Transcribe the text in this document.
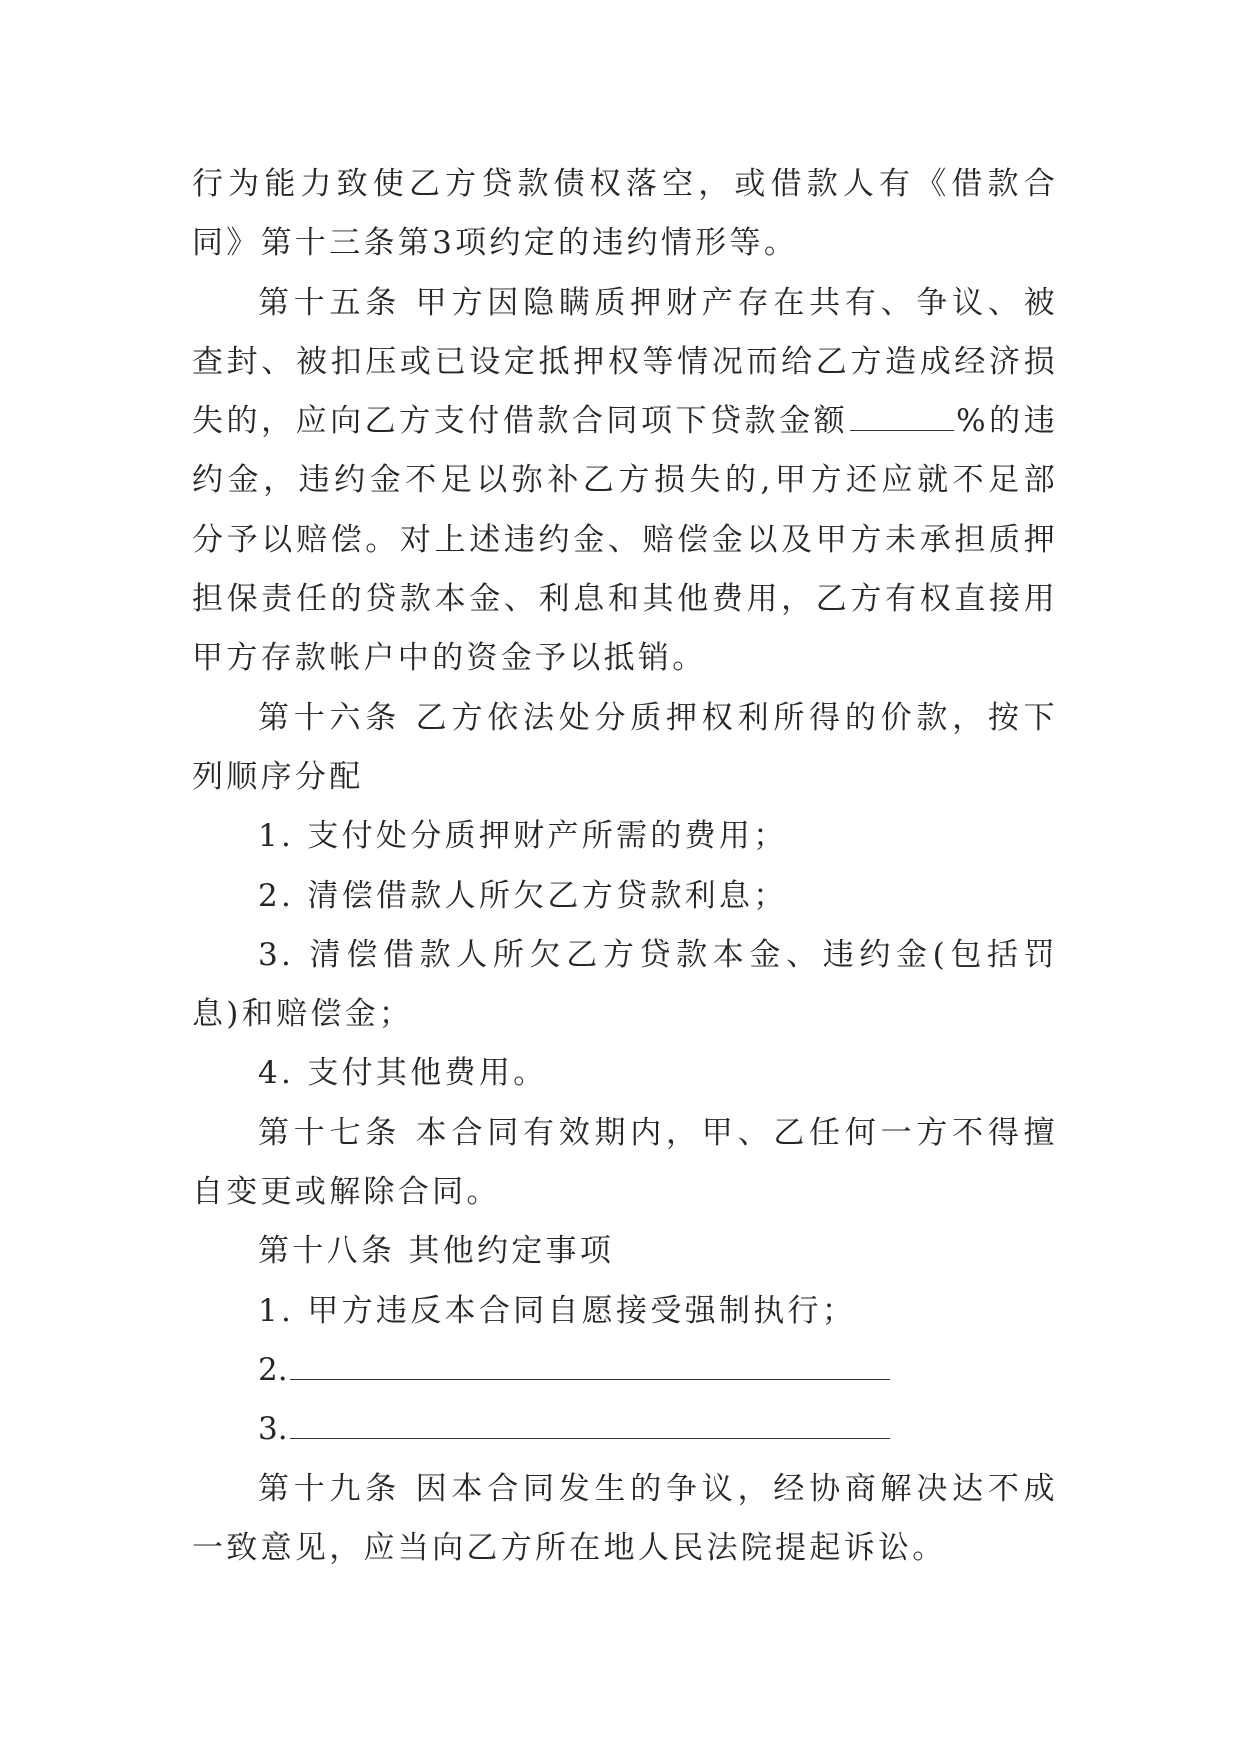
行为能力致使乙方贷款债权落空，或借款人有《借款合同》第十三条第3项约定的违约情形等。

第十五条 甲方因隐瞒质押财产存在共有、争议、被查封、被扣压或已设定抵押权等情况而给乙方造成经济损失的，应向乙方支付借款合同项下贷款金额	%的违约金，违约金不足以弥补乙方损失的,甲方还应就不足部分予以赔偿。对上述违约金、赔偿金以及甲方未承担质押担保责任的贷款本金、利息和其他费用，乙方有权直接用甲方存款帐户中的资金予以抵销。

第十六条 乙方依法处分质押权利所得的价款，按下列顺序分配

1. 支付处分质押财产所需的费用；

2. 清偿借款人所欠乙方贷款利息；

3. 清偿借款人所欠乙方贷款本金、违约金(包括罚息)和赔偿金；

4. 支付其他费用。

第十七条 本合同有效期内，甲、乙任何一方不得擅自变更或解除合同。

第十八条 其他约定事项

1. 甲方违反本合同自愿接受强制执行；

2.

3.

第十九条 因本合同发生的争议，经协商解决达不成一致意见，应当向乙方所在地人民法院提起诉讼。
